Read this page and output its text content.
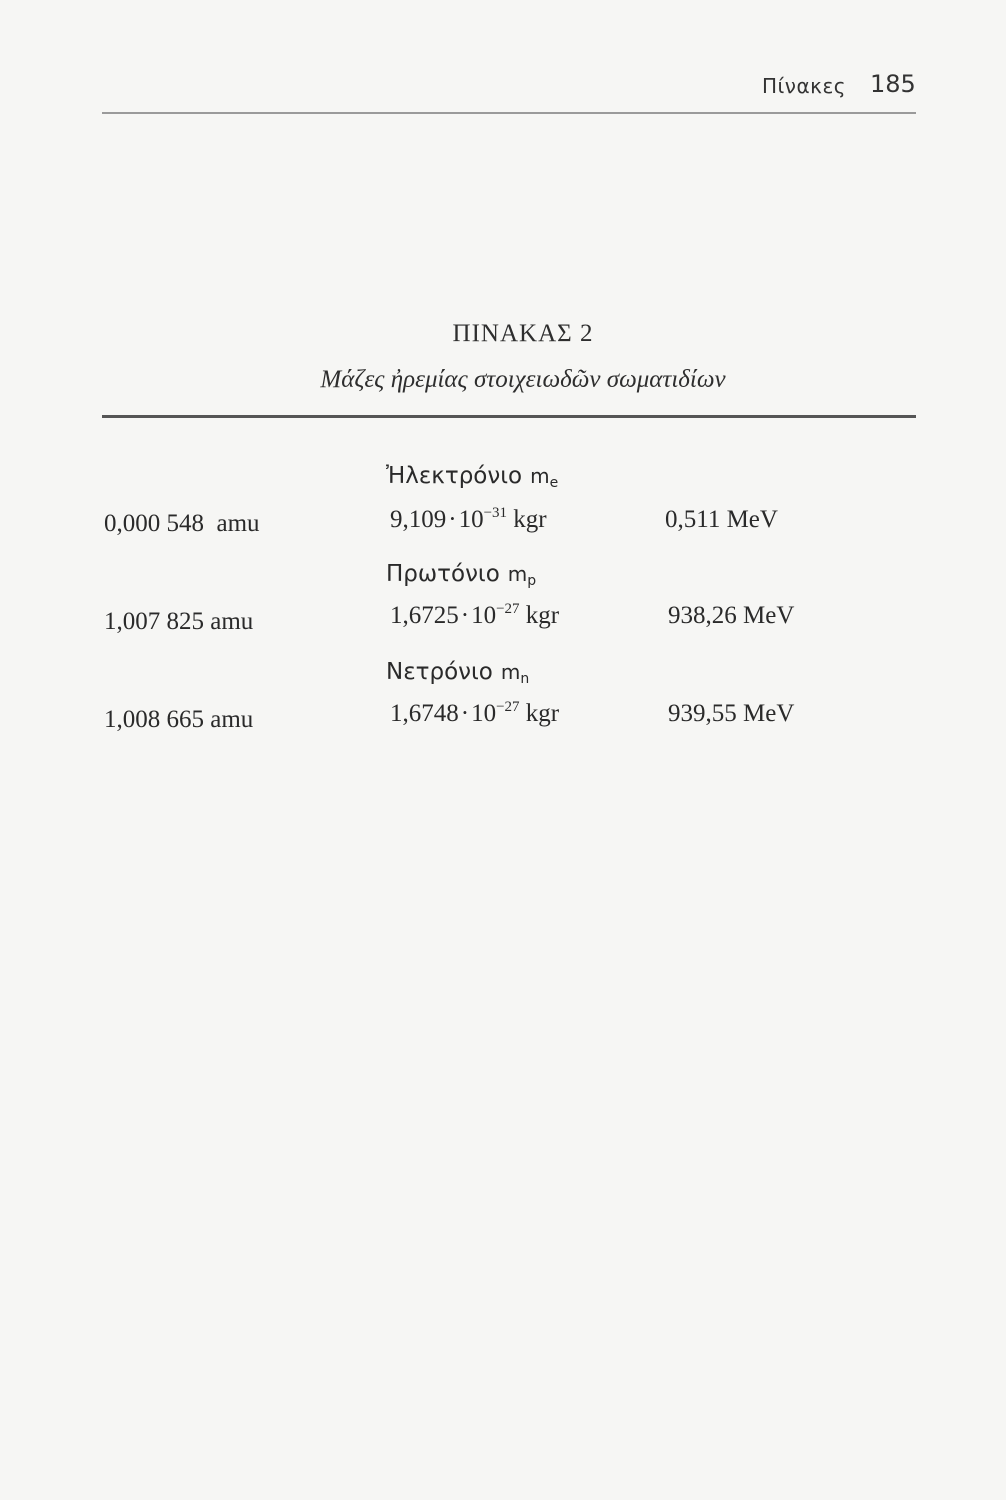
Πίνακες 185
ΠΙΝΑΚΑΣ 2
Μάζες ἠρεμίας στοιχειωδῶν σωματιδίων
Ἠλεκτρόνιο $m_e$
0,000 548  amu	$9,109\cdot 10^{-31}$ kgr	0,511 MeV
Πρωτόνιο $m_p$
1,007 825 amu	$1,6725\cdot 10^{-27}$ kgr	938,26 MeV
Νετρόνιο $m_n$
1,008 665 amu	$1,6748\cdot 10^{-27}$ kgr	939,55 MeV
